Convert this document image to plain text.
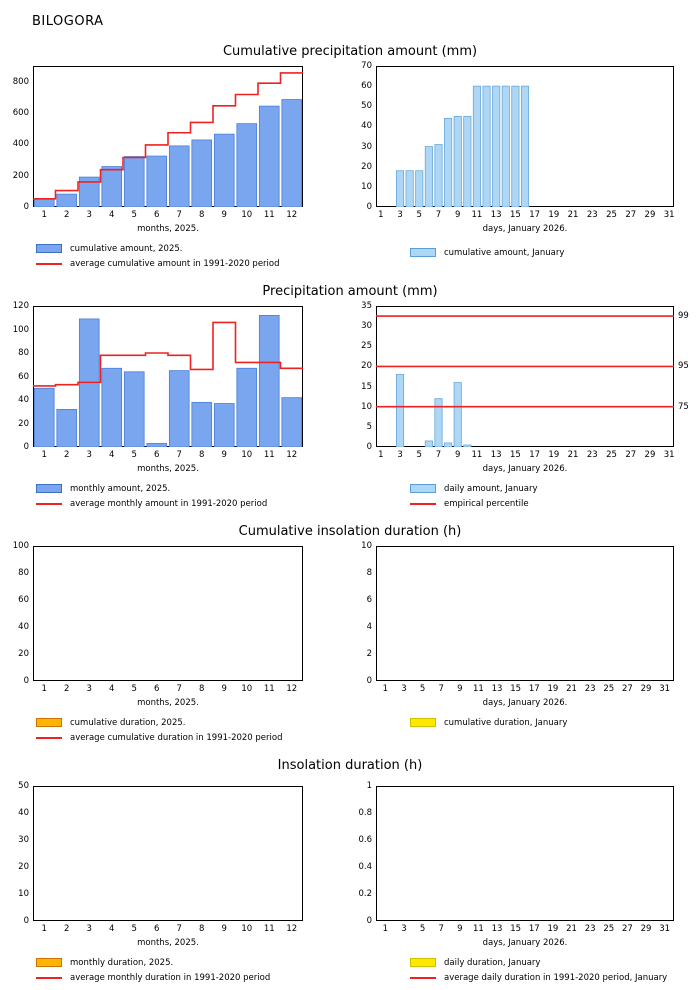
BILOGORA
Cumulative precipitation amount (mm)
Precipitation amount (mm)
Cumulative insolation duration (h)
Insolation duration (h)
0
200
400
600
800
1 2 3 4 5 6 7 8 9 10 11 12
months, 2025.
cumulative amount, 2025.
average cumulative amount in 1991-2020 period
0
10
20
30
40
50
60
70
1 3 5 7 9 11 13 15 17 19 21 23 25 27 29 31
days, January 2026.
cumulative amount, January
0
20
40
60
80
100
120
1 2 3 4 5 6 7 8 9 10 11 12
months, 2025.
monthly amount, 2025.
average monthly amount in 1991-2020 period
0
5
10
15
20
25
30
35
1 3 5 7 9 11 13 15 17 19 21 23 25 27 29 31
99
95
75
days, January 2026.
daily amount, January
empirical percentile
0
20
40
60
80
100
1 2 3 4 5 6 7 8 9 10 11 12
months, 2025.
cumulative duration, 2025.
average cumulative duration in 1991-2020 period
0
2
4
6
8
10
1 3 5 7 9 11 13 15 17 19 21 23 25 27 29 31
days, January 2026.
cumulative duration, January
0
10
20
30
40
50
1 2 3 4 5 6 7 8 9 10 11 12
months, 2025.
monthly duration, 2025.
average monthly duration in 1991-2020 period
0
0.2
0.4
0.6
0.8
1
1 3 5 7 9 11 13 15 17 19 21 23 25 27 29 31
days, January 2026.
daily duration, January
average daily duration in 1991-2020 period, January
